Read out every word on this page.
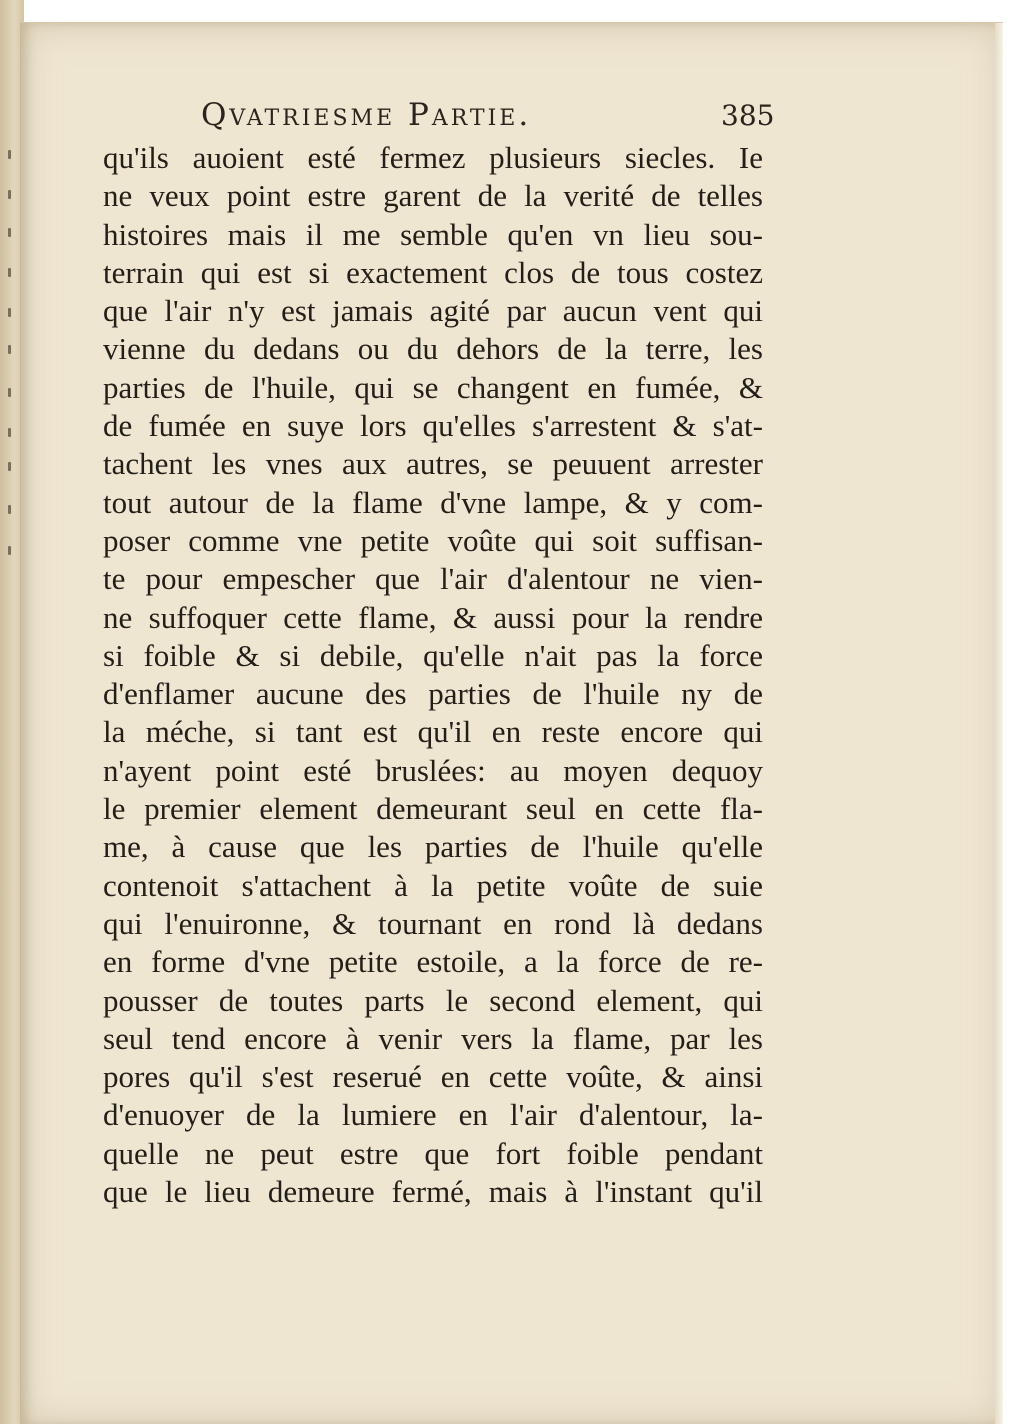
Qvatriesme Partie.	385
qu'ils auoient esté fermez plusieurs siecles. Ie
ne veux point estre garent de la verité de telles
histoires mais il me semble qu'en vn lieu sou-
terrain qui est si exactement clos de tous costez
que l'air n'y est jamais agité par aucun vent qui
vienne du dedans ou du dehors de la terre, les
parties de l'huile, qui se changent en fumée, &
de fumée en suye lors qu'elles s'arrestent & s'at-
tachent les vnes aux autres, se peuuent arrester
tout autour de la flame d'vne lampe, & y com-
poser comme vne petite voûte qui soit suffisan-
te pour empescher que l'air d'alentour ne vien-
ne suffoquer cette flame, & aussi pour la rendre
si foible & si debile, qu'elle n'ait pas la force
d'enflamer aucune des parties de l'huile ny de
la méche, si tant est qu'il en reste encore qui
n'ayent point esté bruslées: au moyen dequoy
le premier element demeurant seul en cette fla-
me, à cause que les parties de l'huile qu'elle
contenoit s'attachent à la petite voûte de suie
qui l'enuironne, & tournant en rond là dedans
en forme d'vne petite estoile, a la force de re-
pousser de toutes parts le second element, qui
seul tend encore à venir vers la flame, par les
pores qu'il s'est reserué en cette voûte, & ainsi
d'enuoyer de la lumiere en l'air d'alentour, la-
quelle ne peut estre que fort foible pendant
que le lieu demeure fermé, mais à l'instant qu'il
